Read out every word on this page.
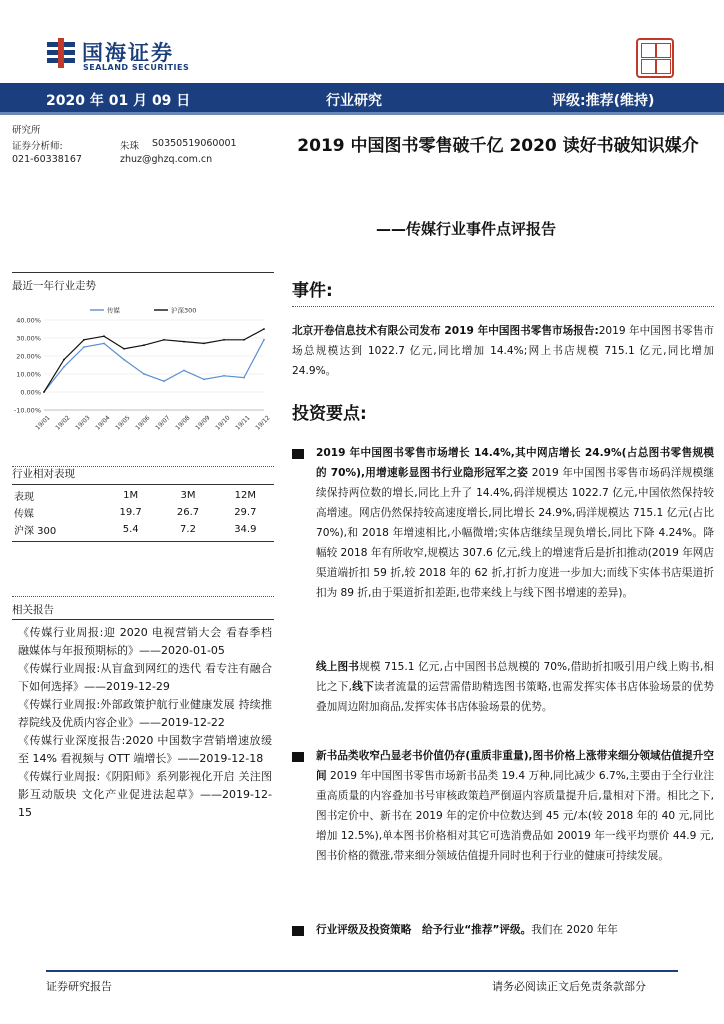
国海证券
SEALAND SECURITIES
2020 年 01 月 09 日	行业研究	评级:推荐(维持)
研究所
证券分析师:	朱珠 S0350519060001
021-60338167	zhuz@ghzq.com.cn
2019 中国图书零售破千亿 2020 读好书破知识媒介
——传媒行业事件点评报告
最近一年行业走势
-10.00%
0.00%
10.00%
20.00%
30.00%
40.00%
19/01 19/02 19/03 19/04 19/05 19/06 19/07 19/08 19/09 19/10 19/11 19/12
传媒	沪深300
行业相对表现
表现	1M	3M	12M
传媒	19.7	26.7	29.7
沪深 300	5.4	7.2	34.9
相关报告
《传媒行业周报:迎 2020 电视营销大会 看春季档 融媒体与年报预期标的》——2020-01-05
《传媒行业周报:从盲盒到网红的迭代 看专注有融合下如何选择》——2019-12-29
《传媒行业周报:外部政策护航行业健康发展 持续推荐院线及优质内容企业》——2019-12-22
《传媒行业深度报告:2020 中国数字营销增速放缓至 14% 看视频与 OTT 端增长》——2019-12-18
《传媒行业周报:《阴阳师》系列影视化开启 关注图影互动版块 文化产业促进法起草》——2019-12-15
事件:
北京开卷信息技术有限公司发布 2019 年中国图书零售市场报告:2019 年中国图书零售市场总规模达到 1022.7 亿元,同比增加 14.4%;网上书店规模 715.1 亿元,同比增加 24.9%。
投资要点:
2019 年中国图书零售市场增长 14.4%,其中网店增长 24.9%(占总图书零售规模的 70%),用增速彰显图书行业隐形冠军之姿 2019 年中国图书零售市场码洋规模继续保持两位数的增长,同比上升了 14.4%,码洋规模达 1022.7 亿元,中国依然保持较高增速。网店仍然保持较高速度增长,同比增长 24.9%,码洋规模达 715.1 亿元(占比 70%),和 2018 年增速相比,小幅微增;实体店继续呈现负增长,同比下降 4.24%。降幅较 2018 年有所收窄,规模达 307.6 亿元,线上的增速背后是折扣推动(2019 年网店渠道端折扣 59 折,较 2018 年的 62 折,打折力度进一步加大;而线下实体书店渠道折扣为 89 折,由于渠道折扣差距,也带来线上与线下图书增速的差异)。
线上图书规模 715.1 亿元,占中国图书总规模的 70%,借助折扣吸引用户线上购书,相比之下,线下读者流量的运营需借助精选图书策略,也需发挥实体书店体验场景的优势叠加周边附加商品,发挥实体书店体验场景的优势。
新书品类收窄凸显老书价值仍存(重质非重量),图书价格上涨带来细分领域估值提升空间 2019 年中国图书零售市场新书品类 19.4 万种,同比减少 6.7%,主要由于全行业注重高质量的内容叠加书号审核政策趋严倒逼内容质量提升后,量相对下滑。相比之下,图书定价中、新书在 2019 年的定价中位数达到 45 元/本(较 2018 年的 40 元,同比增加 12.5%),单本图书价格相对其它可选消费品如 20019 年一线平均票价 44.9 元,图书价格的微涨,带来细分领域估值提升同时也利于行业的健康可持续发展。
行业评级及投资策略　 给予行业“推荐”评级。我们在 2020 年年
证券研究报告	请务必阅读正文后免责条款部分
